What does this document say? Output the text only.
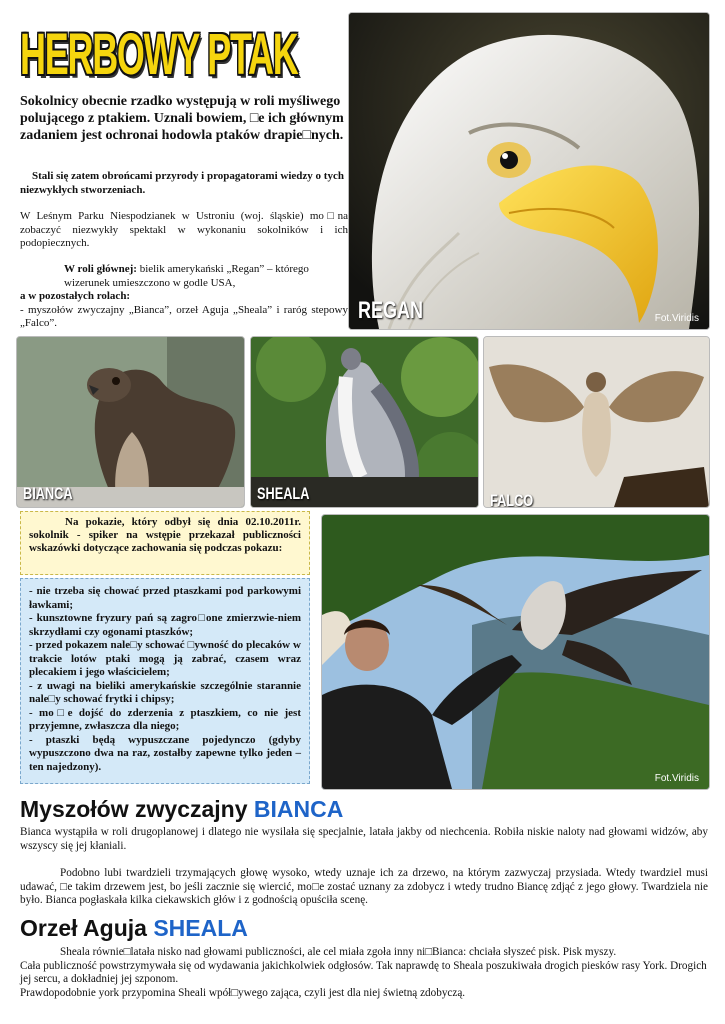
HERBOWY PTAK
Sokolnicy obecnie rzadko występują w roli myśliwego polującego z ptakiem. Uznali bowiem, □e ich głównym zadaniem jest ochronai hodowla ptaków drapie□nych.
Stali się zatem obrońcami przyrody i propagatorami wiedzy o tych niezwykłych stworzeniach.
W Leśnym Parku Niespodzianek w Ustroniu (woj. śląskie) mo□na zobaczyć niezwykły spektakl w wykonaniu sokolników i ich podopiecznych.
W roli głównej: bielik amerykański „Regan” – którego wizerunek umieszczono w godle USA,
a w pozostałych rolach:
- myszołów zwyczajny „Bianca”, orzeł Aguja „Sheala” i raróg stepowy „Falco”.	REGAN	Fot.Viridis
BIANCA	SHEALA	FALCO
Na pokazie, który odbył się dnia 02.10.2011r. sokolnik - spiker na wstępie przekazał publiczności wskazówki dotyczące zachowania się podczas pokazu:
- nie trzeba się chować przed ptaszkami pod parkowymi ławkami;
- kunsztowne fryzury pań są zagro□one zmierzwie-niem skrzydłami czy ogonami ptaszków;
- przed pokazem nale□y schować □ywność do plecaków w trakcie lotów ptaki mogą ją zabrać, czasem wraz plecakiem i jego właścicielem;
- z uwagi na bieliki amerykańskie szczególnie starannie nale□y schować frytki i chipsy;
- mo□e dojść do zderzenia z ptaszkiem, co nie jest przyjemne, zwłaszcza dla niego;
- ptaszki będą wypuszczane pojedynczo (gdyby wypuszczono dwa na raz, zostałby zapewne tylko jeden – ten najedzony).
Fot.Viridis
Myszołów zwyczajny BIANCA
Bianca wystąpiła w roli drugoplanowej i dlatego nie wysilała się specjalnie, latała jakby od niechcenia. Robiła niskie naloty nad głowami widzów, aby wszyscy się jej kłaniali.
Podobno lubi twardzieli trzymających głowę wysoko, wtedy uznaje ich za drzewo, na którym zazwyczaj przysiada. Wtedy twardziel musi udawać, □e takim drzewem jest, bo jeśli zacznie się wiercić, mo□e zostać uznany za zdobycz i wtedy trudno Biancę zdjąć z jego głowy. Twardziela nie było. Bianca pogłaskała kilka ciekawskich głów i z godnością opuściła scenę.
Orzeł Aguja SHEALA
Sheala równie□latała nisko nad głowami publiczności, ale cel miała zgoła inny ni□Bianca: chciała słyszeć pisk. Pisk myszy.
Cała publiczność powstrzymywała się od wydawania jakichkolwiek odgłosów. Tak naprawdę to Sheala poszukiwała drogich piesków rasy York. Drogich jej sercu, a dokładniej jej szponom.
Prawdopodobnie york przypomina Sheali wpół□ywego zająca, czyli jest dla niej świetną zdobyczą.
